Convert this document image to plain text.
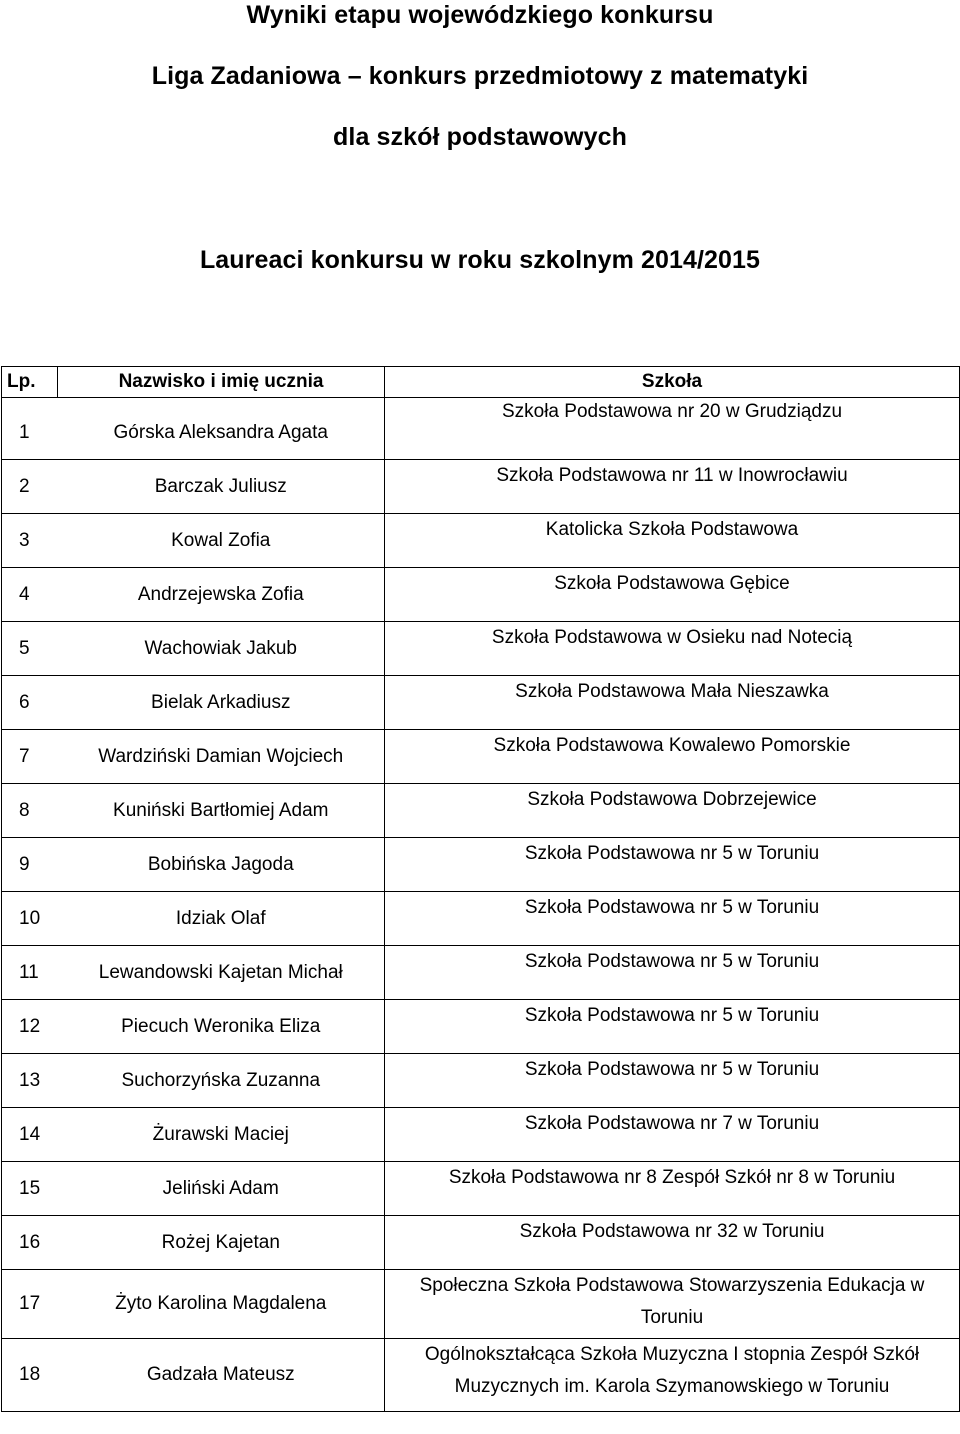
Wyniki etapu wojewódzkiego konkursu
Liga Zadaniowa – konkurs przedmiotowy z matematyki
dla szkół podstawowych
Laureaci konkursu w roku szkolnym 2014/2015
Lp.	Nazwisko i imię ucznia	Szkoła
1	Górska Aleksandra Agata	Szkoła Podstawowa nr 20 w Grudziądzu

2	Barczak Juliusz	Szkoła Podstawowa nr 11 w Inowrocławiu

3	Kowal Zofia	Katolicka Szkoła Podstawowa

4	Andrzejewska Zofia	Szkoła Podstawowa Gębice

5	Wachowiak Jakub	Szkoła Podstawowa w Osieku nad Notecią

6	Bielak Arkadiusz	Szkoła Podstawowa Mała Nieszawka

7	Wardziński Damian Wojciech	Szkoła Podstawowa Kowalewo Pomorskie

8	Kuniński Bartłomiej Adam	Szkoła Podstawowa Dobrzejewice

9	Bobińska Jagoda	Szkoła Podstawowa nr 5 w Toruniu

10	Idziak Olaf	Szkoła Podstawowa nr 5 w Toruniu

11	Lewandowski Kajetan Michał	Szkoła Podstawowa nr 5 w Toruniu

12	Piecuch Weronika Eliza	Szkoła Podstawowa nr 5 w Toruniu

13	Suchorzyńska Zuzanna	Szkoła Podstawowa nr 5 w Toruniu

14	Żurawski Maciej	Szkoła Podstawowa nr 7 w Toruniu

15	Jeliński Adam	Szkoła Podstawowa nr 8 Zespół Szkół nr 8 w Toruniu

16	Rożej Kajetan	Szkoła Podstawowa nr 32 w Toruniu

17	Żyto Karolina Magdalena	Społeczna Szkoła Podstawowa Stowarzyszenia Edukacja w Toruniu

18	Gadzała Mateusz	Ogólnokształcąca Szkoła Muzyczna I stopnia Zespół Szkół Muzycznych im. Karola Szymanowskiego w Toruniu
